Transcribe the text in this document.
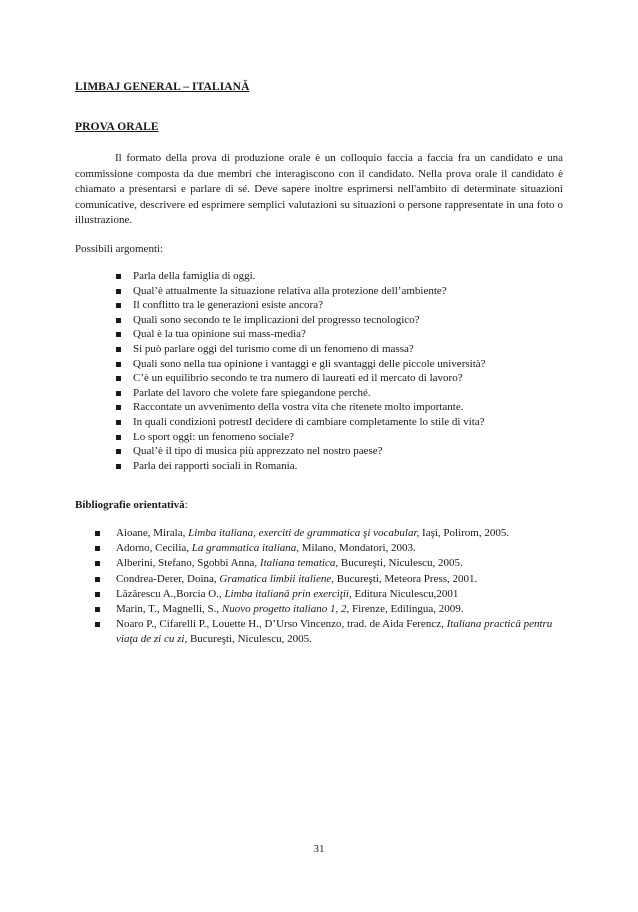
LIMBAJ GENERAL – ITALIANĂ
PROVA ORALE
Il formato della prova di produzione orale è un colloquio faccia a faccia fra un candidato e una commissione composta da due membri che interagiscono con il candidato. Nella prova orale il candidato è chiamato a presentarsi e parlare di sé. Deve sapere inoltre esprimersi nell'ambito di determinate situazioni comunicative, descrivere ed esprimere semplici valutazioni su situazioni o persone rappresentate in una foto o illustrazione.
Possibili argomenti:
Parla della famiglia di oggi.
Qual’è attualmente la situazione relativa alla protezione dell’ambiente?
Il conflitto tra le generazioni esiste ancora?
Quali sono secondo te le implicazioni del progresso tecnologico?
Qual è la tua opinione sui mass-media?
Si può parlare oggi del turismo come di un fenomeno di massa?
Quali sono nella tua opinione i vantaggi e gli svantaggi delle piccole università?
C’è un equilibrio secondo te tra numero di laureati ed il mercato di lavoro?
Parlate del lavoro che volete fare spiegandone perché.
Raccontate un avvenimento della vostra vita che ritenete molto importante.
In quali condizioni potrestI decidere di cambiare completamente lo stile di vita?
Lo sport oggi: un fenomeno sociale?
Qual’è il tipo di musica più apprezzato nel nostro paese?
Parla dei rapporti sociali in Romania.
Bibliografie orientativă:
Aioane, Mirala, Limba italiana, exerciti de grammatica şi vocabular, Iaşi, Polirom, 2005.
Adorno, Cecilia, La grammatica italiana, Milano, Mondatori, 2003.
Alberini, Stefano, Sgobbi Anna, Italiana tematica, Bucureşti, Niculescu, 2005.
Condrea-Derer, Doina, Gramatica limbii italiene, Bucureşti, Meteora Press, 2001.
Lăzărescu A.,Borcia O., Limba italiană prin exerciţii, Editura Niculescu,2001
Marin, T., Magnelli, S., Nuovo progetto italiano 1, 2, Firenze, Edilingua, 2009.
Noaro P., Cifarelli P., Louette H., D’Urso Vincenzo, trad. de Aida Ferencz, Italiana practică pentru viaţa de zi cu zi, Bucureşti, Niculescu, 2005.
31
